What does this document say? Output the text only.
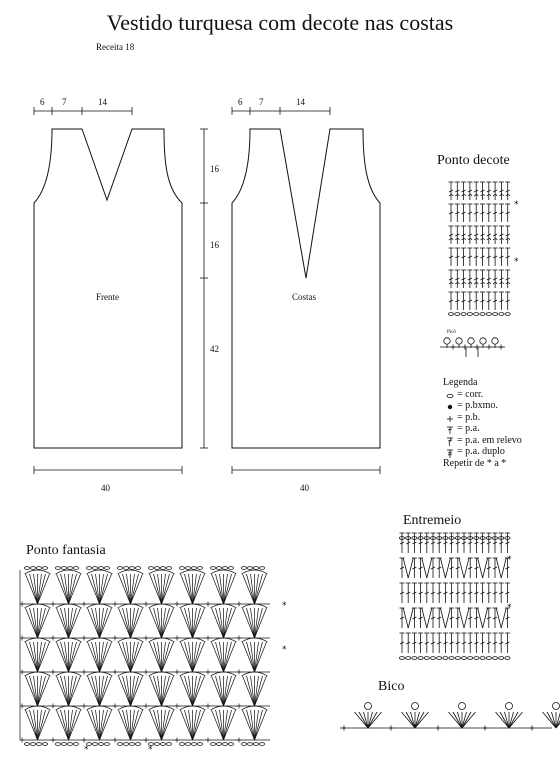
Vestido turquesa com decote nas costas
Receita 18
*
*
*
*
*
*
*	*
6 7	14
16
16
42
40
Frente
6 7	14
40
Costas
Ponto decote
Picô
Entremeio
Ponto fantasia
Bico
Legenda
= corr.
= p.bxmo.
= p.b.
= p.a.
= p.a. em relevo
= p.a. duplo
Repetir de * a *
